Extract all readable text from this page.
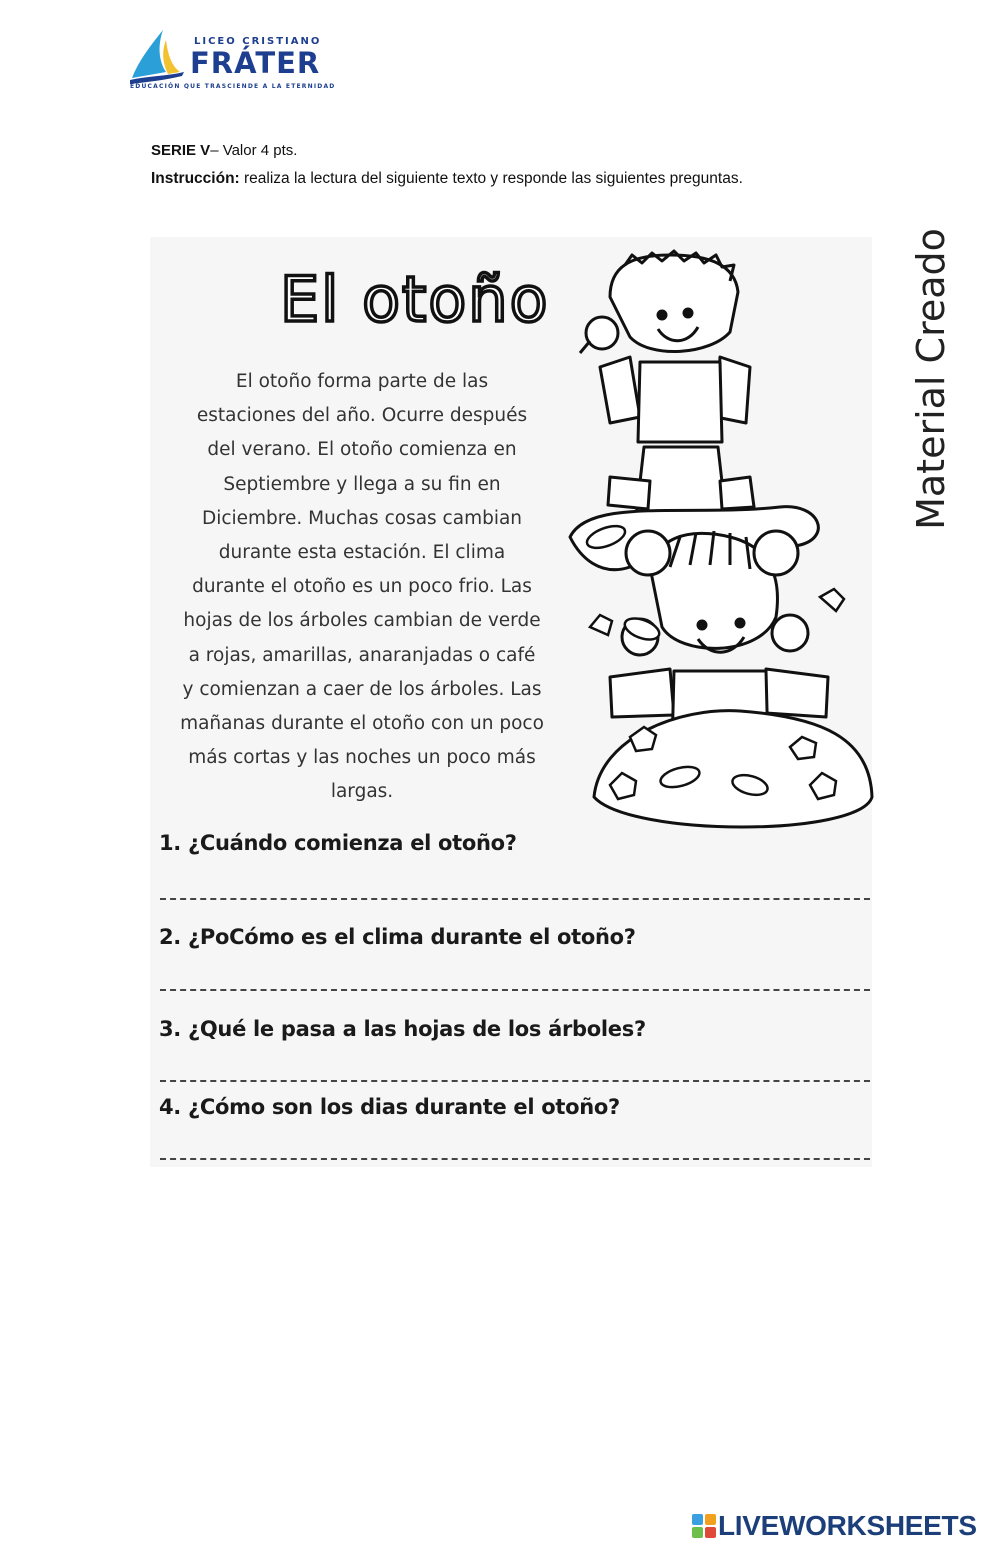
LICEO CRISTIANO
FRÁTER
EDUCACIÓN QUE TRASCIENDE A LA ETERNIDAD
SERIE V– Valor 4 pts.
Instrucción: realiza la lectura del siguiente texto y responde las siguientes preguntas.
El otoño
El otoño forma parte de las
estaciones del año. Ocurre después
del verano. El otoño comienza en
Septiembre y llega a su fin en
Diciembre. Muchas cosas cambian
durante esta estación. El clima
durante el otoño es un poco frio. Las
hojas de los árboles cambian de verde
a rojas, amarillas, anaranjadas o café
y comienzan a caer de los árboles. Las
mañanas durante el otoño con un poco
más cortas y las noches un poco más
largas.
Material Creado
1. ¿Cuándo comienza el otoño?
2. ¿PoCómo es el clima durante el otoño?
3. ¿Qué le pasa a las hojas de los árboles?
4. ¿Cómo son los dias durante el otoño?
LIVEWORKSHEETS
